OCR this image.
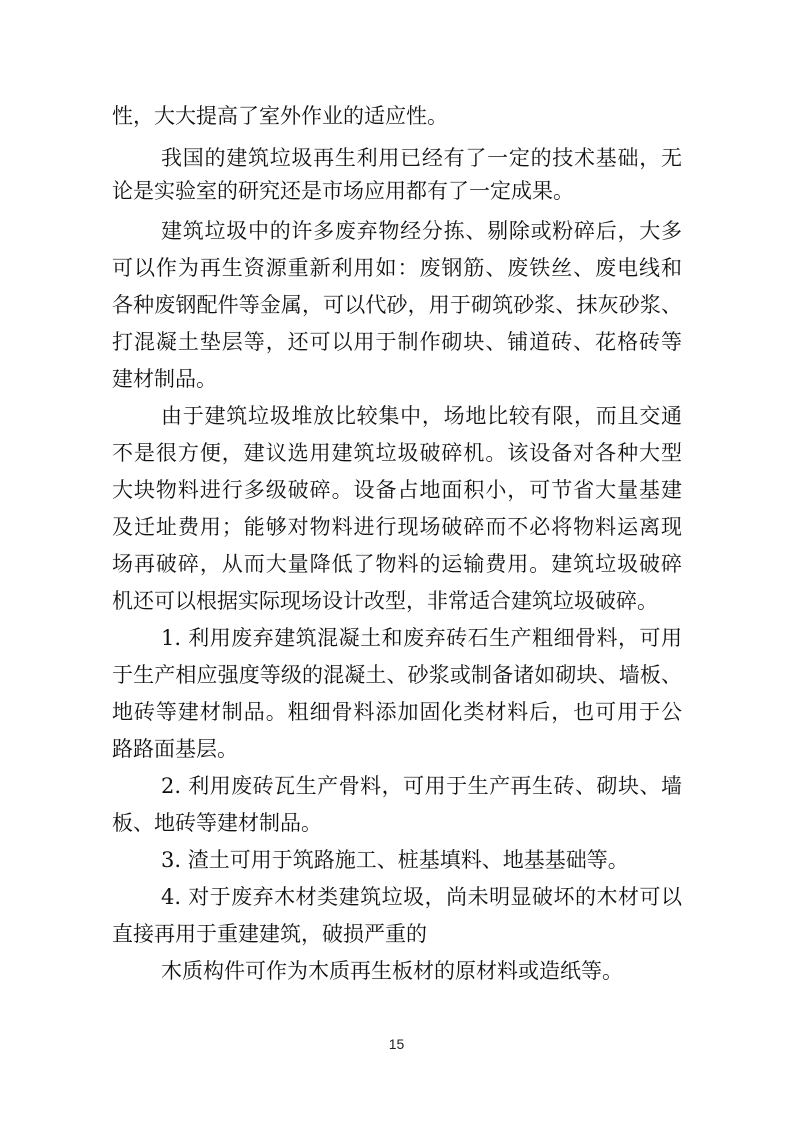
性，大大提高了室外作业的适应性。
我国的建筑垃圾再生利用已经有了一定的技术基础，无
论是实验室的研究还是市场应用都有了一定成果。
建筑垃圾中的许多废弃物经分拣、剔除或粉碎后，大多
可以作为再生资源重新利用如：废钢筋、废铁丝、废电线和
各种废钢配件等金属，可以代砂，用于砌筑砂浆、抹灰砂浆、
打混凝土垫层等，还可以用于制作砌块、铺道砖、花格砖等
建材制品。
由于建筑垃圾堆放比较集中，场地比较有限，而且交通
不是很方便，建议选用建筑垃圾破碎机。该设备对各种大型
大块物料进行多级破碎。设备占地面积小，可节省大量基建
及迁址费用；能够对物料进行现场破碎而不必将物料运离现
场再破碎，从而大量降低了物料的运输费用。建筑垃圾破碎
机还可以根据实际现场设计改型，非常适合建筑垃圾破碎。
1. 利用废弃建筑混凝土和废弃砖石生产粗细骨料，可用
于生产相应强度等级的混凝土、砂浆或制备诸如砌块、墙板、
地砖等建材制品。粗细骨料添加固化类材料后，也可用于公
路路面基层。
2. 利用废砖瓦生产骨料，可用于生产再生砖、砌块、墙
板、地砖等建材制品。
3. 渣土可用于筑路施工、桩基填料、地基基础等。
4. 对于废弃木材类建筑垃圾，尚未明显破坏的木材可以
直接再用于重建建筑，破损严重的
木质构件可作为木质再生板材的原材料或造纸等。
15
